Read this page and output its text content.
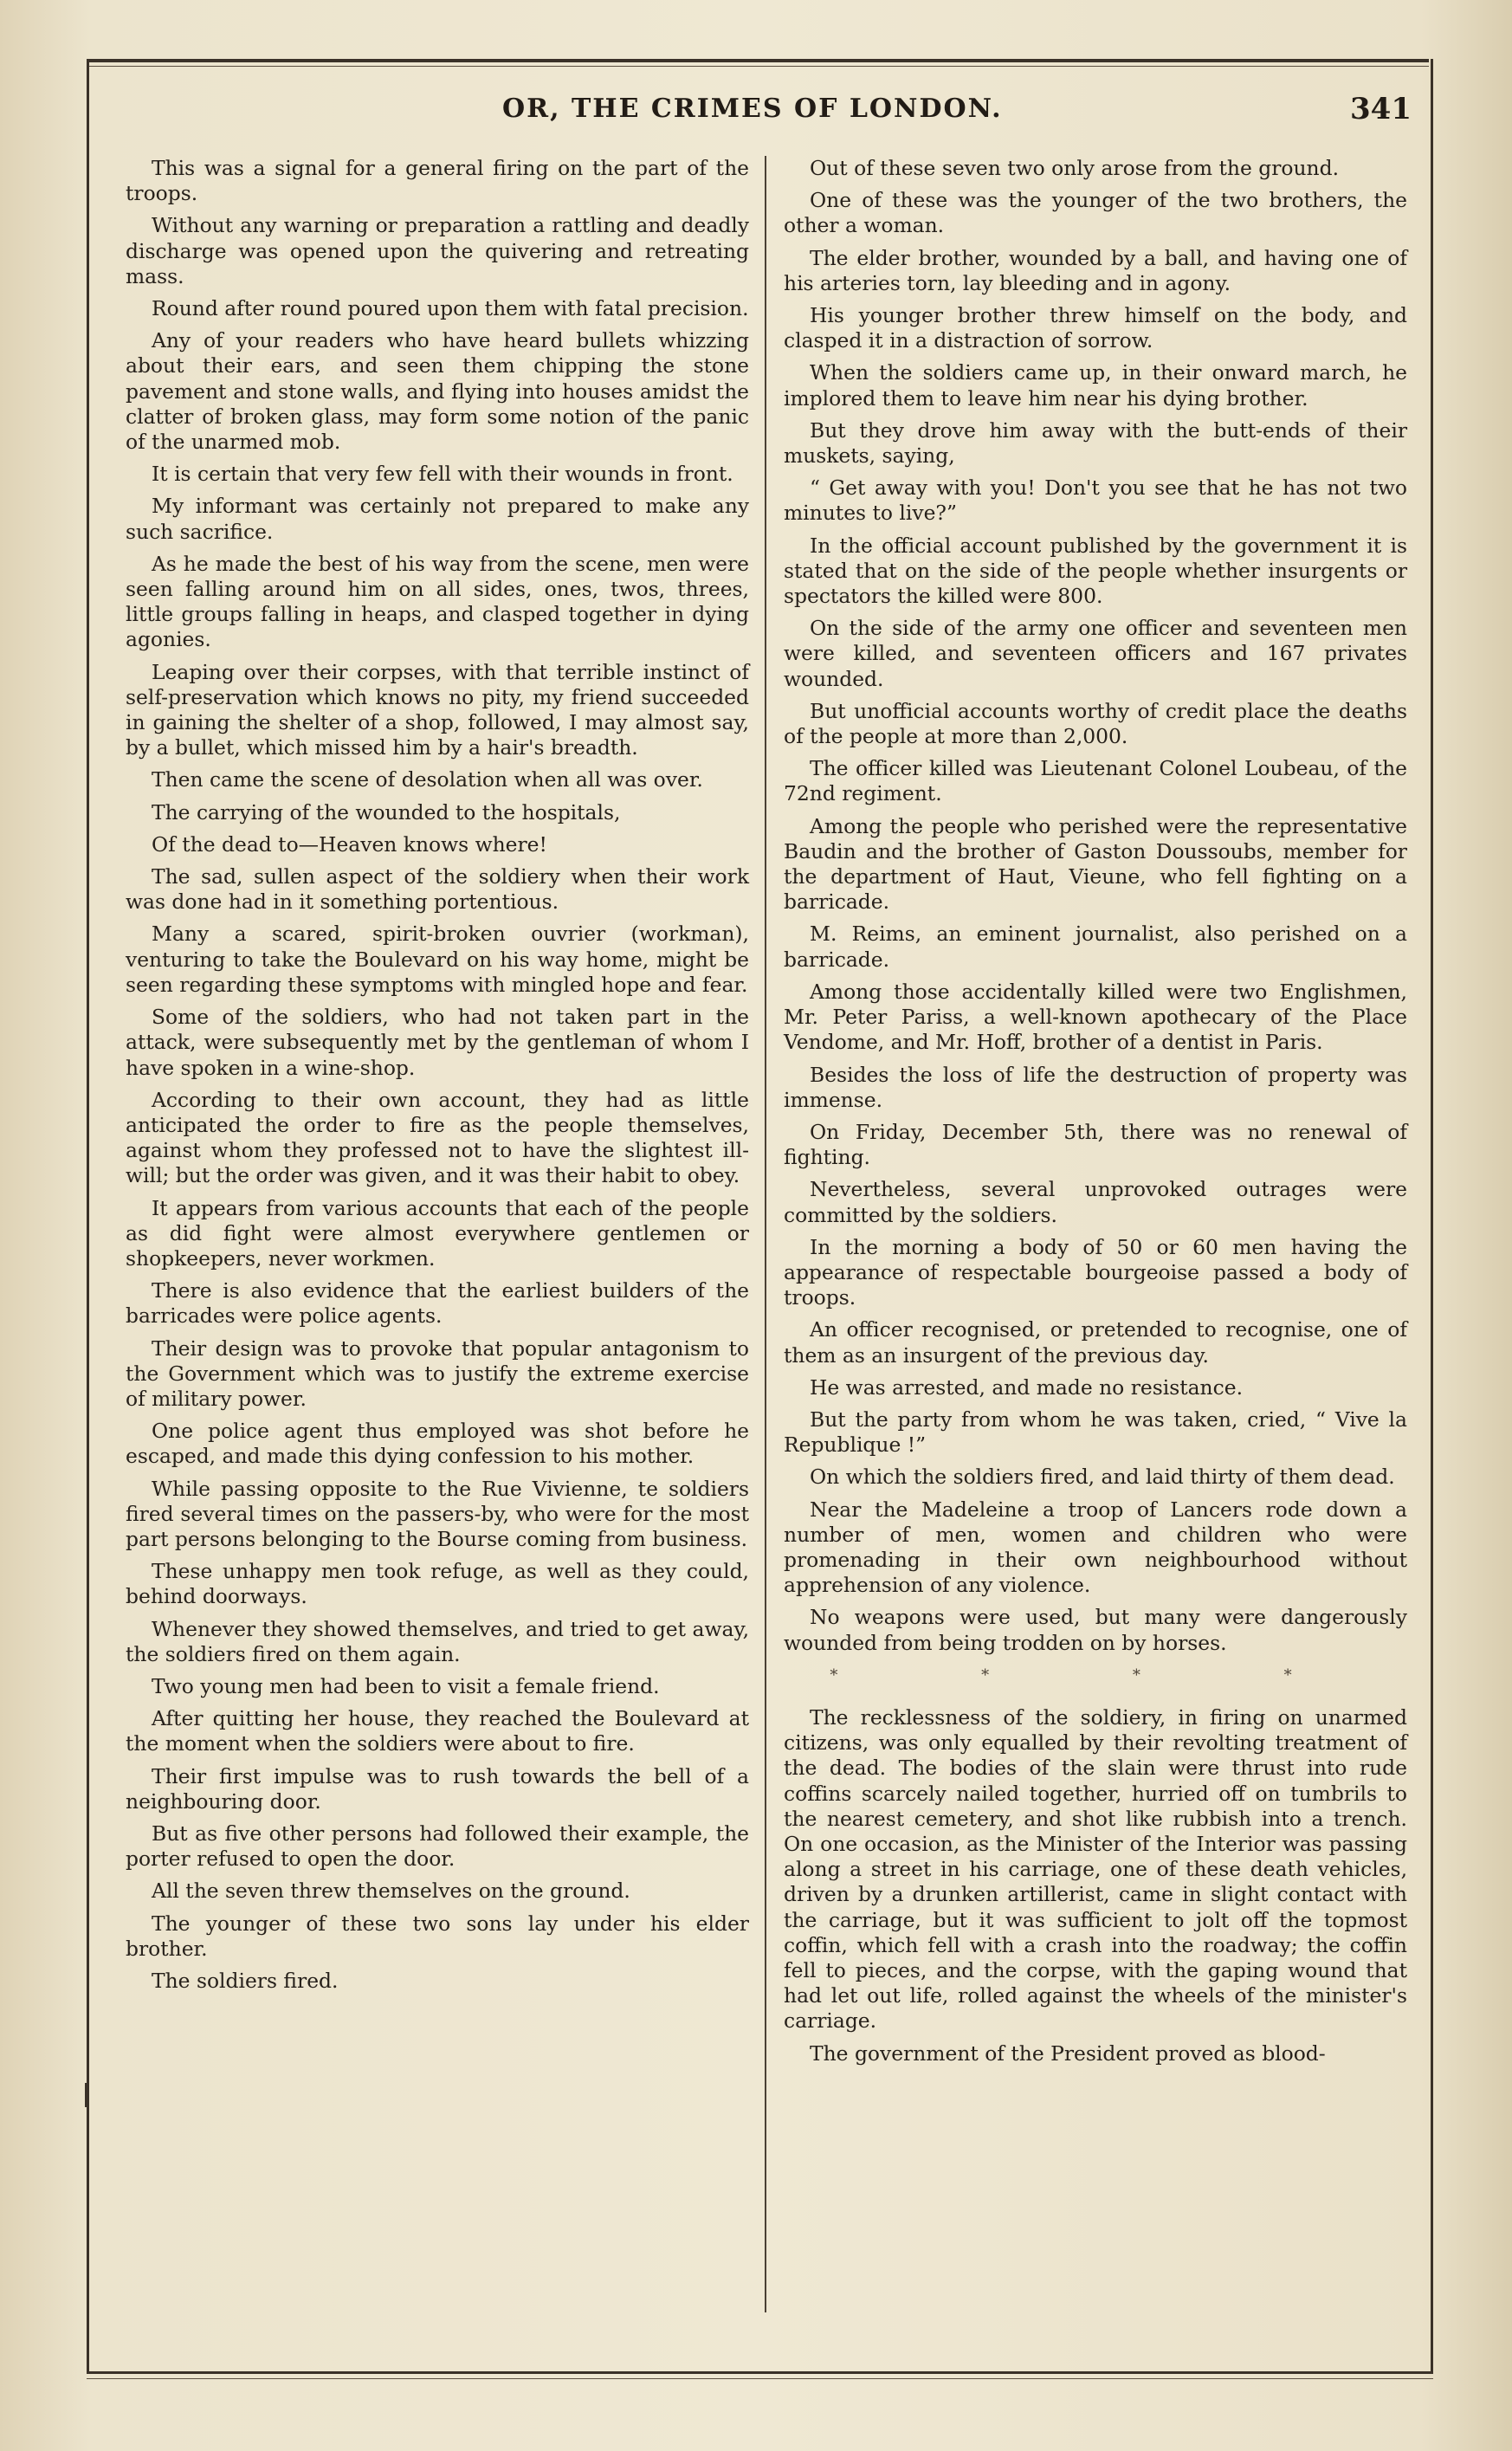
OR, THE CRIMES OF LONDON.	341

This was a signal for a general firing on the part of the troops.

Without any warning or preparation a rattling and deadly discharge was opened upon the quivering and retreating mass.

Round after round poured upon them with fatal precision.

Any of your readers who have heard bullets whizzing about their ears, and seen them chipping the stone pavement and stone walls, and flying into houses amidst the clatter of broken glass, may form some notion of the panic of the unarmed mob.

It is certain that very few fell with their wounds in front.

My informant was certainly not prepared to make any such sacrifice.

As he made the best of his way from the scene, men were seen falling around him on all sides, ones, twos, threes, little groups falling in heaps, and clasped together in dying agonies.

Leaping over their corpses, with that terrible instinct of self-preservation which knows no pity, my friend succeeded in gaining the shelter of a shop, followed, I may almost say, by a bullet, which missed him by a hair's breadth.

Then came the scene of desolation when all was over.

The carrying of the wounded to the hospitals,

Of the dead to—Heaven knows where!

The sad, sullen aspect of the soldiery when their work was done had in it something portentious.

Many a scared, spirit-broken ouvrier (workman), venturing to take the Boulevard on his way home, might be seen regarding these symptoms with mingled hope and fear.

Some of the soldiers, who had not taken part in the attack, were subsequently met by the gentleman of whom I have spoken in a wine-shop.

According to their own account, they had as little anticipated the order to fire as the people themselves, against whom they professed not to have the slightest ill-will; but the order was given, and it was their habit to obey.

It appears from various accounts that each of the people as did fight were almost everywhere gentlemen or shopkeepers, never workmen.

There is also evidence that the earliest builders of the barricades were police agents.

Their design was to provoke that popular antagonism to the Government which was to justify the extreme exercise of military power.

One police agent thus employed was shot before he escaped, and made this dying confession to his mother.

While passing opposite to the Rue Vivienne, te soldiers fired several times on the passers-by, who were for the most part persons belonging to the Bourse coming from business.

These unhappy men took refuge, as well as they could, behind doorways.

Whenever they showed themselves, and tried to get away, the soldiers fired on them again.

Two young men had been to visit a female friend.

After quitting her house, they reached the Boulevard at the moment when the soldiers were about to fire.

Their first impulse was to rush towards the bell of a neighbouring door.

But as five other persons had followed their example, the porter refused to open the door.

All the seven threw themselves on the ground.

The younger of these two sons lay under his elder brother.

The soldiers fired.

Out of these seven two only arose from the ground.

One of these was the younger of the two brothers, the other a woman.

The elder brother, wounded by a ball, and having one of his arteries torn, lay bleeding and in agony.

His younger brother threw himself on the body, and clasped it in a distraction of sorrow.

When the soldiers came up, in their onward march, he implored them to leave him near his dying brother.

But they drove him away with the butt-ends of their muskets, saying,

“ Get away with you! Don't you see that he has not two minutes to live?”

In the official account published by the government it is stated that on the side of the people whether insurgents or spectators the killed were 800.

On the side of the army one officer and seventeen men were killed, and seventeen officers and 167 privates wounded.

But unofficial accounts worthy of credit place the deaths of the people at more than 2,000.

The officer killed was Lieutenant Colonel Loubeau, of the 72nd regiment.

Among the people who perished were the representative Baudin and the brother of Gaston Doussoubs, member for the department of Haut, Vieune, who fell fighting on a barricade.

M. Reims, an eminent journalist, also perished on a barricade.

Among those accidentally killed were two Englishmen, Mr. Peter Pariss, a well-known apothecary of the Place Vendome, and Mr. Hoff, brother of a dentist in Paris.

Besides the loss of life the destruction of property was immense.

On Friday, December 5th, there was no renewal of fighting.

Nevertheless, several unprovoked outrages were committed by the soldiers.

In the morning a body of 50 or 60 men having the appearance of respectable bourgeoise passed a body of troops.

An officer recognised, or pretended to recognise, one of them as an insurgent of the previous day.

He was arrested, and made no resistance.

But the party from whom he was taken, cried, “ Vive la Republique !”

On which the soldiers fired, and laid thirty of them dead.

Near the Madeleine a troop of Lancers rode down a number of men, women and children who were promenading in their own neighbourhood without apprehension of any violence.

No weapons were used, but many were dangerously wounded from being trodden on by horses.

* * * *

The recklessness of the soldiery, in firing on unarmed citizens, was only equalled by their revolting treatment of the dead. The bodies of the slain were thrust into rude coffins scarcely nailed together, hurried off on tumbrils to the nearest cemetery, and shot like rubbish into a trench. On one occasion, as the Minister of the Interior was passing along a street in his carriage, one of these death vehicles, driven by a drunken artillerist, came in slight contact with the carriage, but it was sufficient to jolt off the topmost coffin, which fell with a crash into the roadway; the coffin fell to pieces, and the corpse, with the gaping wound that had let out life, rolled against the wheels of the minister's carriage.

The government of the President proved as blood-
